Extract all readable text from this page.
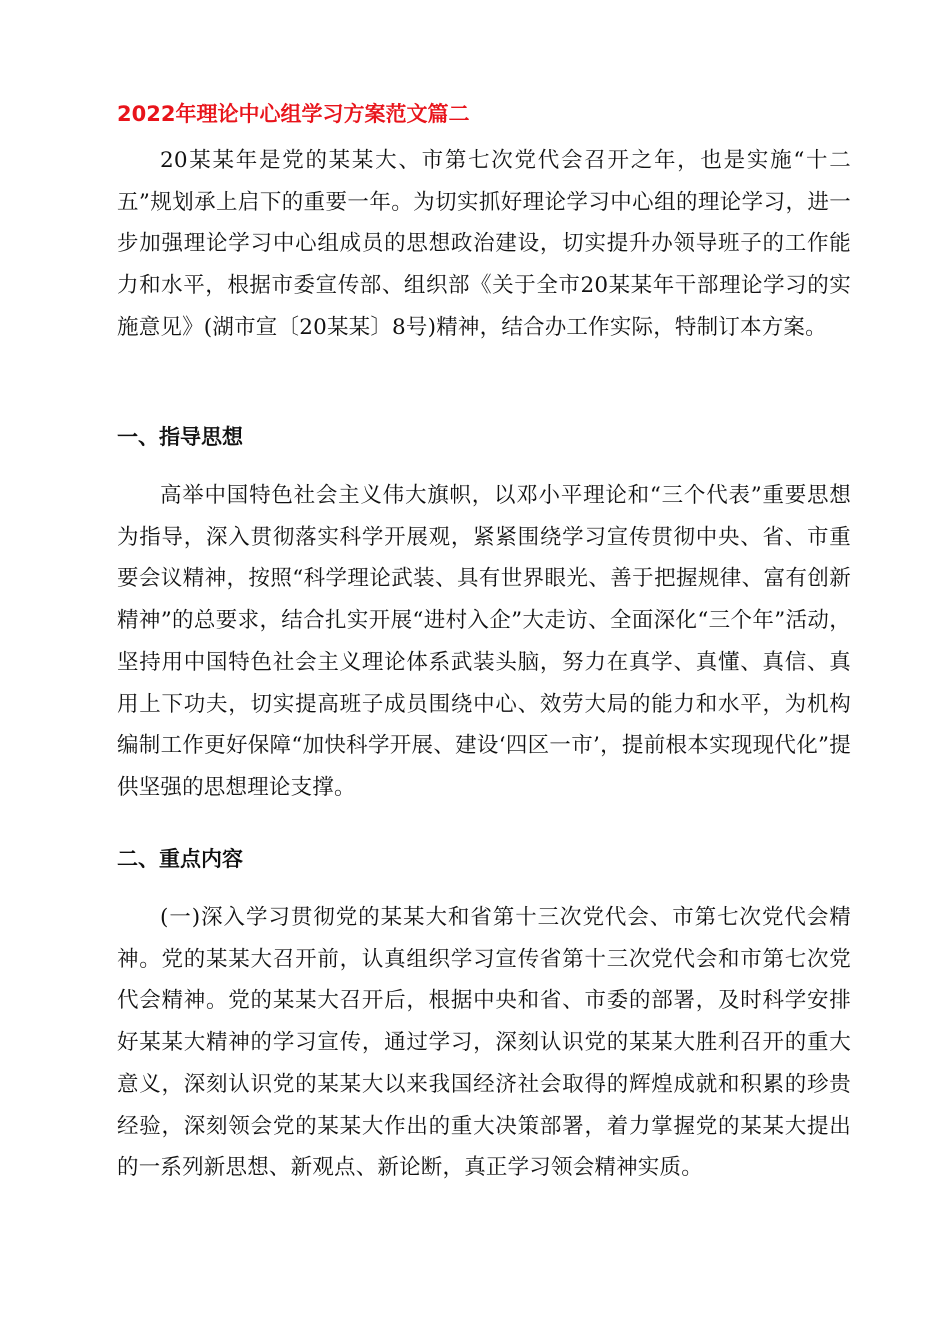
2022年理论中心组学习方案范文篇二

20某某年是党的某某大、市第七次党代会召开之年，也是实施“十二五”规划承上启下的重要一年。为切实抓好理论学习中心组的理论学习，进一步加强理论学习中心组成员的思想政治建设，切实提升办领导班子的工作能力和水平，根据市委宣传部、组织部《关于全市20某某年干部理论学习的实施意见》(湖市宣〔20某某〕8号)精神，结合办工作实际，特制订本方案。

一、指导思想

高举中国特色社会主义伟大旗帜，以邓小平理论和“三个代表”重要思想为指导，深入贯彻落实科学开展观，紧紧围绕学习宣传贯彻中央、省、市重要会议精神，按照“科学理论武装、具有世界眼光、善于把握规律、富有创新精神”的总要求，结合扎实开展“进村入企”大走访、全面深化“三个年”活动，坚持用中国特色社会主义理论体系武装头脑，努力在真学、真懂、真信、真用上下功夫，切实提高班子成员围绕中心、效劳大局的能力和水平，为机构编制工作更好保障“加快科学开展、建设‘四区一市’，提前根本实现现代化”提供坚强的思想理论支撑。

二、重点内容

(一)深入学习贯彻党的某某大和省第十三次党代会、市第七次党代会精神。党的某某大召开前，认真组织学习宣传省第十三次党代会和市第七次党代会精神。党的某某大召开后，根据中央和省、市委的部署，及时科学安排好某某大精神的学习宣传，通过学习，深刻认识党的某某大胜利召开的重大意义，深刻认识党的某某大以来我国经济社会取得的辉煌成就和积累的珍贵经验，深刻领会党的某某大作出的重大决策部署，着力掌握党的某某大提出的一系列新思想、新观点、新论断，真正学习领会精神实质。
